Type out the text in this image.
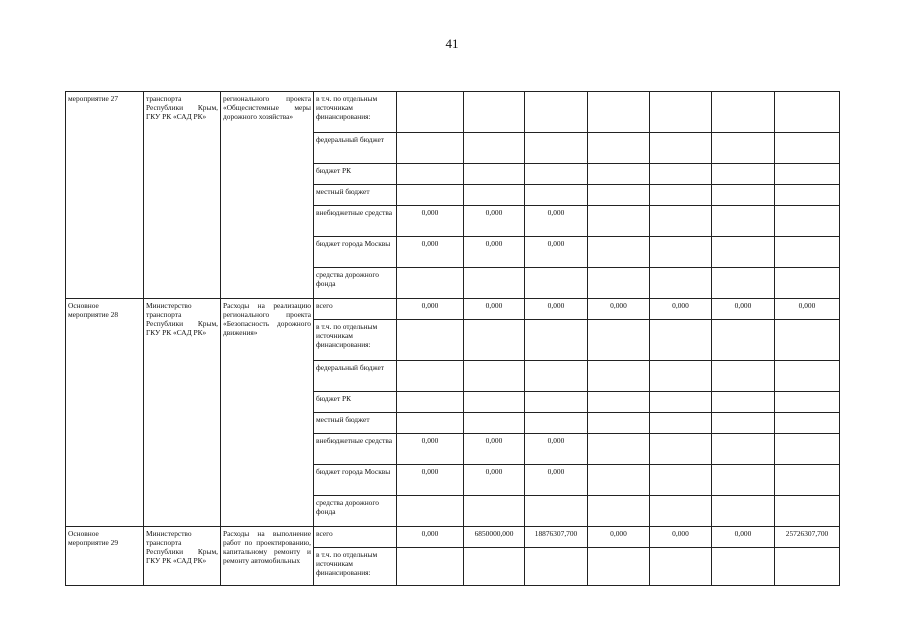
41
мероприятие 27	транспорта Республики Крым, ГКУ РК «САД РК»	регионального проекта «Общесистемные меры дорожного хозяйства»	в т.ч. по отдельным источникам финансирования:							
			федеральный бюджет							
			бюджет РК							
			местный бюджет							
			внебюджетные средства	0,000	0,000	0,000				
			бюджет города Москвы	0,000	0,000	0,000				
			средства дорожного фонда							
Основное мероприятие 28	Министерство транспорта Республики Крым, ГКУ РК «САД РК»	Расходы на реализацию регионального проекта «Безопасность дорожного движения»	всего	0,000	0,000	0,000	0,000	0,000	0,000	0,000
			в т.ч. по отдельным источникам финансирования:							
			федеральный бюджет							
			бюджет РК							
			местный бюджет							
			внебюджетные средства	0,000	0,000	0,000				
			бюджет города Москвы	0,000	0,000	0,000				
			средства дорожного фонда							
Основное мероприятие 29	Министерство транспорта Республики Крым, ГКУ РК «САД РК»	Расходы на выполнение работ по проектированию, капитальному ремонту и ремонту автомобильных	всего	0,000	6850000,000	18876307,700	0,000	0,000	0,000	25726307,700
			в т.ч. по отдельным источникам финансирования:							
